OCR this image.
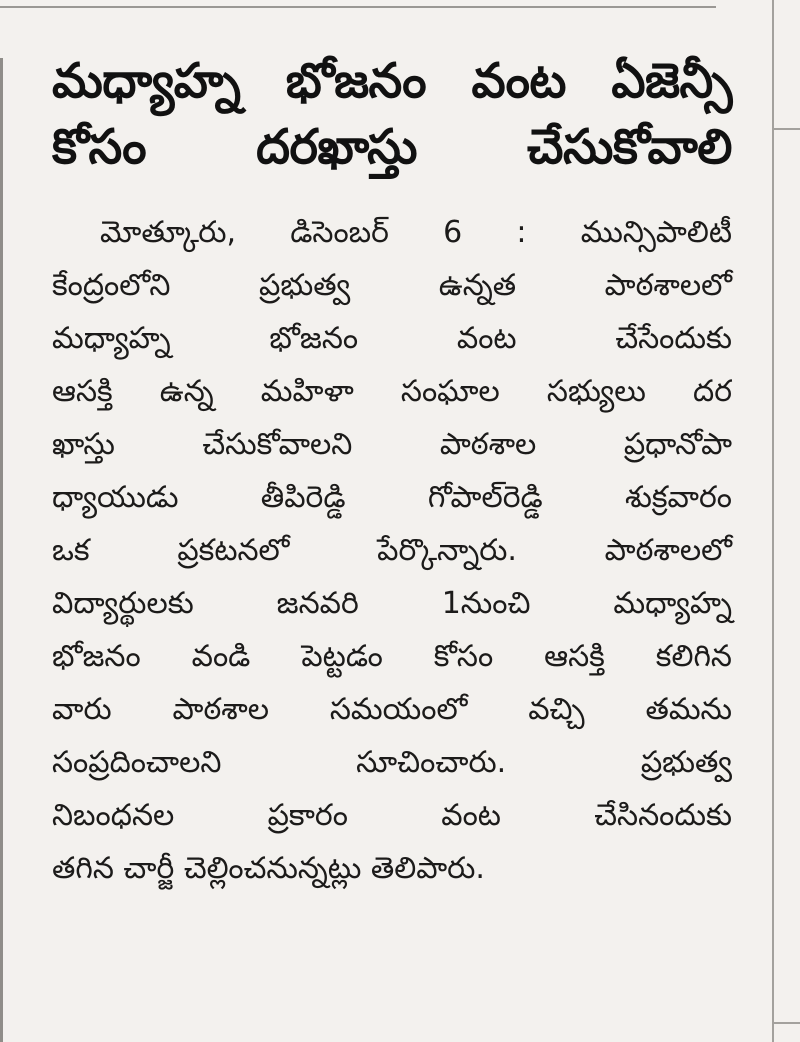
మధ్యాహ్న భోజనం వంట ఏజెన్సీ
కోసం దరఖాస్తు చేసుకోవాలి
మోత్కూరు, డిసెంబర్ 6 : మున్సిపాలిటీ
కేంద్రంలోని ప్రభుత్వ ఉన్నత పాఠశాలలో
మధ్యాహ్న భోజనం వంట చేసేందుకు
ఆసక్తి ఉన్న మహిళా సంఘాల సభ్యులు దర
ఖాస్తు చేసుకోవాలని పాఠశాల ప్రధానోపా
ధ్యాయుడు తీపిరెడ్డి గోపాల్‌రెడ్డి శుక్రవారం
ఒక ప్రకటనలో పేర్కొన్నారు. పాఠశాలలో
విద్యార్థులకు జనవరి 1నుంచి మధ్యాహ్న
భోజనం వండి పెట్టడం కోసం ఆసక్తి కలిగిన
వారు పాఠశాల సమయంలో వచ్చి తమను
సంప్రదించాలని సూచించారు. ప్రభుత్వ
నిబంధనల ప్రకారం వంట చేసినందుకు
తగిన చార్జీ చెల్లించనున్నట్లు తెలిపారు.
